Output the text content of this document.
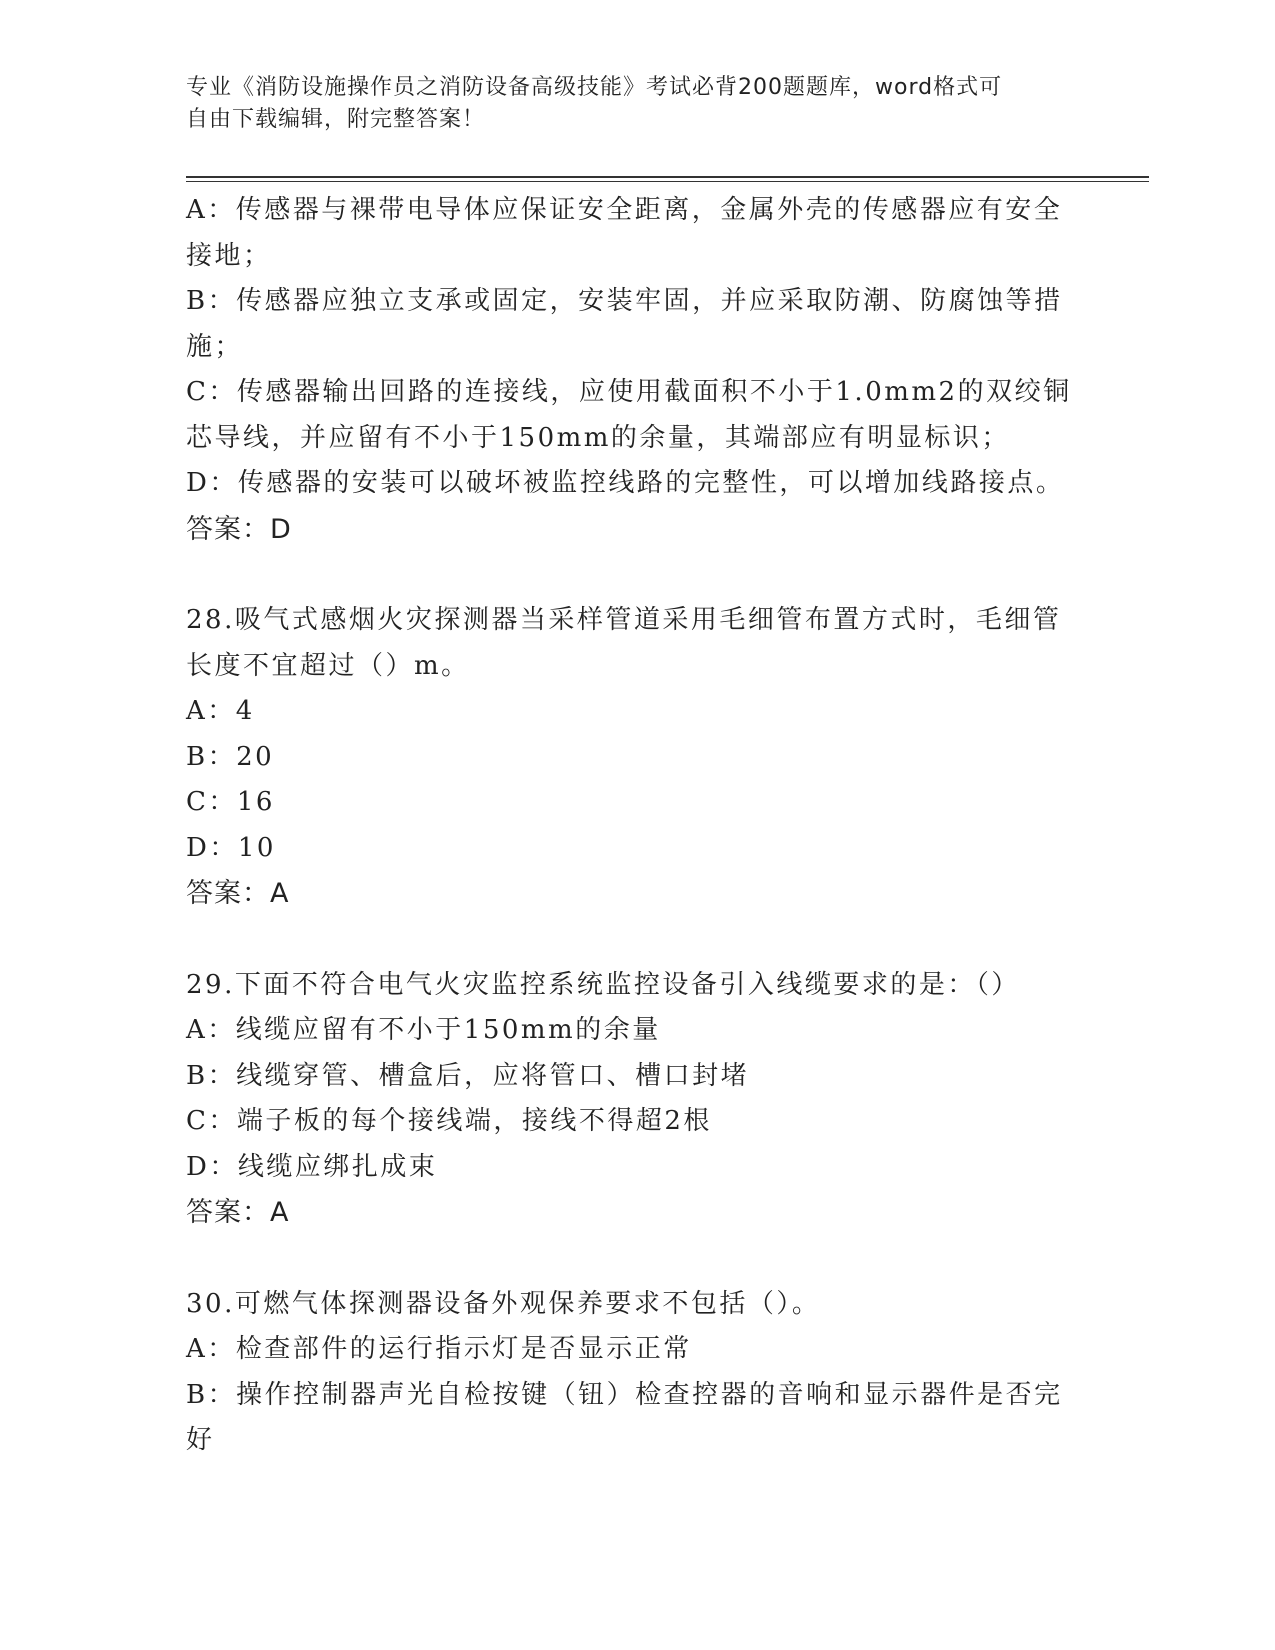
专业《消防设施操作员之消防设备高级技能》考试必背200题题库，word格式可
自由下载编辑，附完整答案！
A：传感器与裸带电导体应保证安全距离，金属外壳的传感器应有安全
接地；
B：传感器应独立支承或固定，安装牢固，并应采取防潮、防腐蚀等措
施；
C：传感器输出回路的连接线，应使用截面积不小于1.0mm2的双绞铜
芯导线，并应留有不小于150mm的余量，其端部应有明显标识；
D：传感器的安装可以破坏被监控线路的完整性，可以增加线路接点。
答案：D
28.吸气式感烟火灾探测器当采样管道采用毛细管布置方式时，毛细管
长度不宜超过（）m。
A：4
B：20
C：16
D：10
答案：A
29.下面不符合电气火灾监控系统监控设备引入线缆要求的是：（）
A：线缆应留有不小于150mm的余量
B：线缆穿管、槽盒后，应将管口、槽口封堵
C：端子板的每个接线端，接线不得超2根
D：线缆应绑扎成束
答案：A
30.可燃气体探测器设备外观保养要求不包括（）。
A：检查部件的运行指示灯是否显示正常
B：操作控制器声光自检按键（钮）检查控器的音响和显示器件是否完
好
